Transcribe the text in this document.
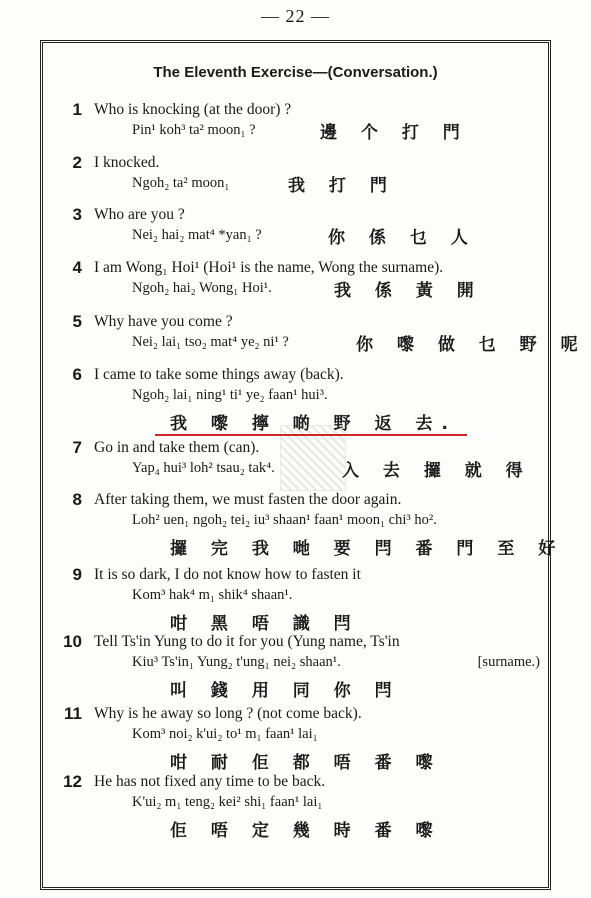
— 22 —
The Eleventh Exercise—(Conversation.)
1 Who is knocking (at the door) ?
Pin¹ koh³ ta² moon₁ ?	邊 个 打 門
2 I knocked.
Ngoh₂ ta² moon₁	我 打 門
3 Who are you ?
Nei₂ hai₂ mat⁴ *yan₁ ?	你 係 乜 人
4 I am Wong₁ Hoi¹ (Hoi¹ is the name, Wong the surname).
Ngoh₂ hai₂ Wong₁ Hoi¹.	我 係 黃 開
5 Why have you come ?
Nei₂ lai₁ tso₂ mat⁴ ye₂ ni¹ ?	你 嚟 做 乜 野 呢
6 I came to take some things away (back).
Ngoh₂ lai₁ ning¹ ti¹ ye₂ faan¹ hui³.
我 嚟 擰 啲 野 返 去.
7 Go in and take them (can).
Yap₄ hui³ loh² tsau₂ tak⁴.	入 去 攞 就 得
8 After taking them, we must fasten the door again.
Loh² uen₁ ngoh₂ tei₂ iu³ shaan¹ faan¹ moon₁ chi³ ho².
攞 完 我 哋 要 閂 番 門 至 好
9 It is so dark, I do not know how to fasten it
Kom³ hak⁴ m₁ shik⁴ shaan¹.
咁 黑 唔 識 閂
10 Tell Ts'in Yung to do it for you (Yung name, Ts'in
Kiu³ Ts'in₁ Yung₂ t'ung₁ nei₂ shaan¹.	[surname.)
叫 錢 用 同 你 閂
11 Why is he away so long ? (not come back).
Kom³ noi₂ k'ui₂ to¹ m₁ faan¹ lai₁
咁 耐 佢 都 唔 番 嚟
12 He has not fixed any time to be back.
K'ui₂ m₁ teng₂ kei² shi₁ faan¹ lai₁
佢 唔 定 幾 時 番 嚟
